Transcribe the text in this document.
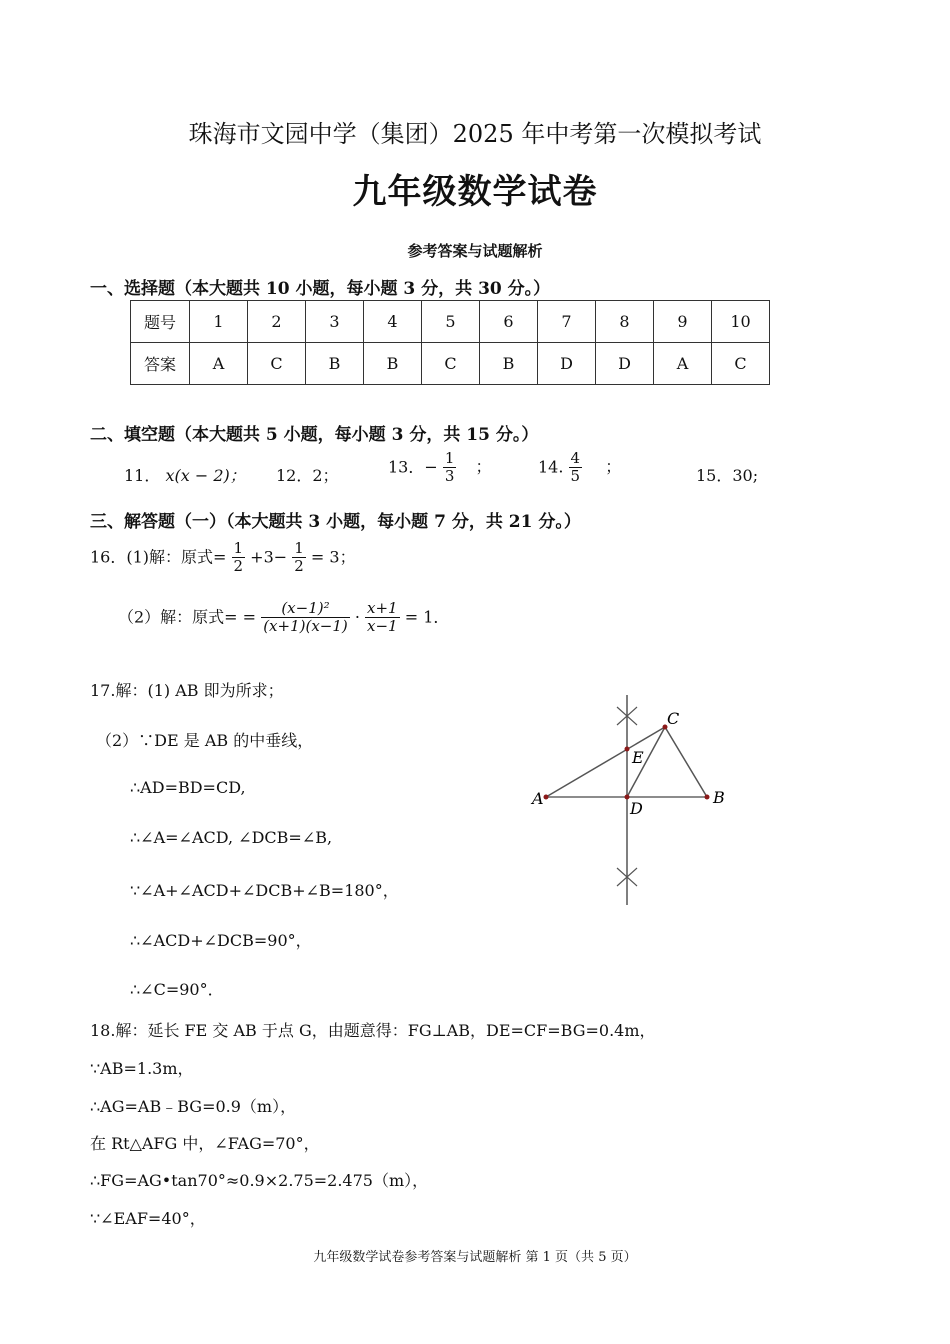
珠海市文园中学（集团）2025 年中考第一次模拟考试
九年级数学试卷
参考答案与试题解析
一、选择题（本大题共 10 小题，每小题 3 分，共 30 分。）
题号	1	2	3	4	5	6	7	8	9	10
答案	A	C	B	B	C	B	D	D	A	C
二、填空题（本大题共 5 小题，每小题 3 分，共 15 分。）
11． x(x − 2)； 12．2；	13．− $\frac{1}{3}$ ；	14. $\frac{4}{5}$ ；	15．30;
三、解答题（一）（本大题共 3 小题，每小题 7 分，共 21 分。）
16．(1)解：原式= $\frac{1}{2} +3- \frac{1}{2} = 3$；
（2）解：原式= = $\frac{\text{(x−1)²}}{(x+1)(x-1)} \cdot \frac{x+1}{x-1} = 1$．
17.解：(1) AB 即为所求；
（2）∵DE 是 AB 的中垂线，
∴AD=BD=CD,
∴∠A=∠ACD, ∠DCB=∠B,
∵∠A+∠ACD+∠DCB+∠B=180°，
∴∠ACD+∠DCB=90°，
∴∠C=90°．
A	B
C
D
E
18.解：延长 FE 交 AB 于点 G，由题意得：FG⊥AB，DE=CF=BG=0.4m，
∵AB=1.3m，
∴AG=AB﹣BG=0.9（m），
在 Rt△AFG 中，∠FAG=70°，
∴FG=AG•tan70°≈0.9×2.75=2.475（m），
∵∠EAF=40°，
九年级数学试卷参考答案与试题解析 第 1 页（共 5 页）
